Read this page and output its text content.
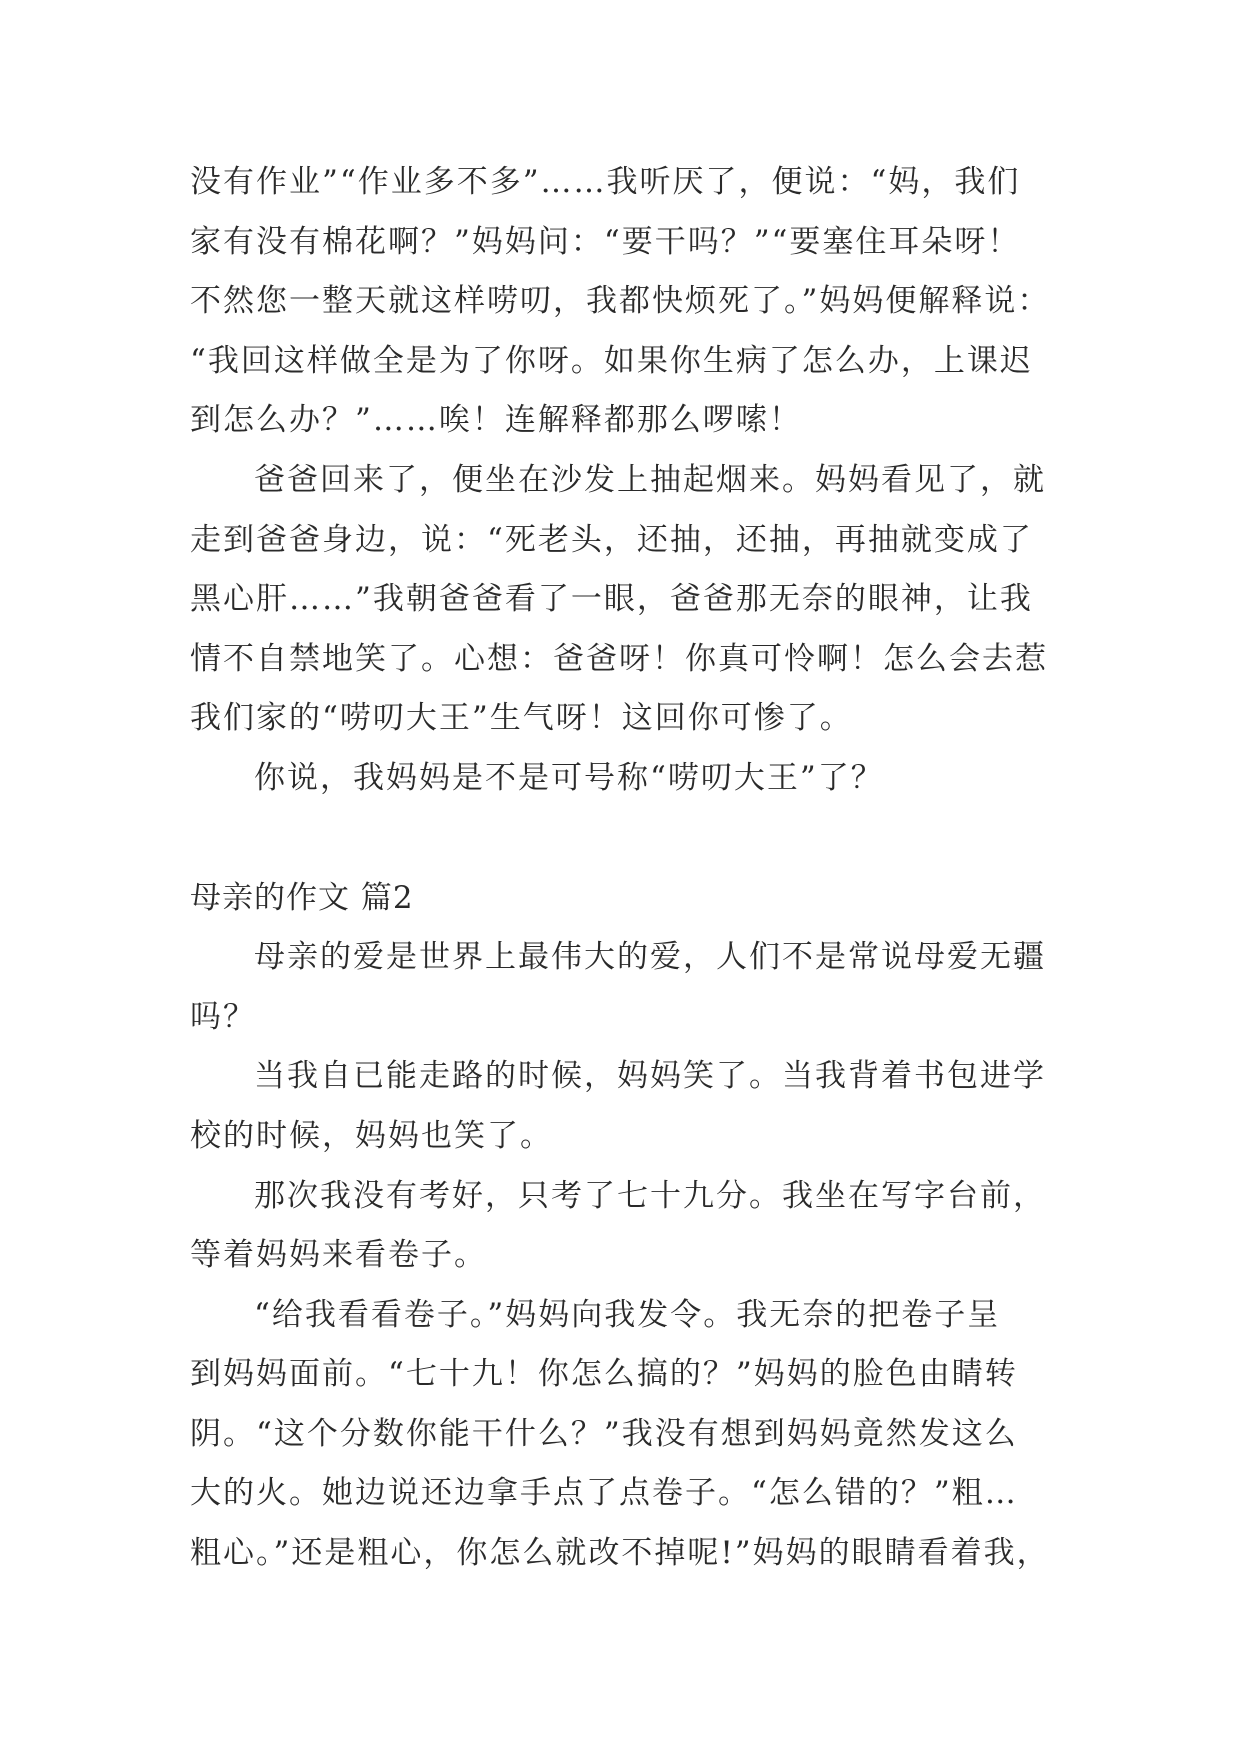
没有作业”“作业多不多”……我听厌了，便说：“妈，我们
家有没有棉花啊？”妈妈问：“要干吗？”“要塞住耳朵呀！
不然您一整天就这样唠叨，我都快烦死了。”妈妈便解释说：
“我回这样做全是为了你呀。如果你生病了怎么办，上课迟
到怎么办？”……唉！连解释都那么啰嗦！
爸爸回来了，便坐在沙发上抽起烟来。妈妈看见了，就
走到爸爸身边，说：“死老头，还抽，还抽，再抽就变成了
黑心肝……”我朝爸爸看了一眼，爸爸那无奈的眼神，让我
情不自禁地笑了。心想：爸爸呀！你真可怜啊！怎么会去惹
我们家的“唠叨大王”生气呀！这回你可惨了。
你说，我妈妈是不是可号称“唠叨大王”了？
母亲的作文 篇2
母亲的爱是世界上最伟大的爱，人们不是常说母爱无疆
吗？
当我自已能走路的时候，妈妈笑了。当我背着书包进学
校的时候，妈妈也笑了。
那次我没有考好，只考了七十九分。我坐在写字台前，
等着妈妈来看卷子。
“给我看看卷子。”妈妈向我发令。我无奈的把卷子呈
到妈妈面前。“七十九！你怎么搞的？”妈妈的脸色由睛转
阴。“这个分数你能干什么？”我没有想到妈妈竟然发这么
大的火。她边说还边拿手点了点卷子。“怎么错的？”粗…
粗心。”还是粗心，你怎么就改不掉呢!”妈妈的眼睛看着我，
